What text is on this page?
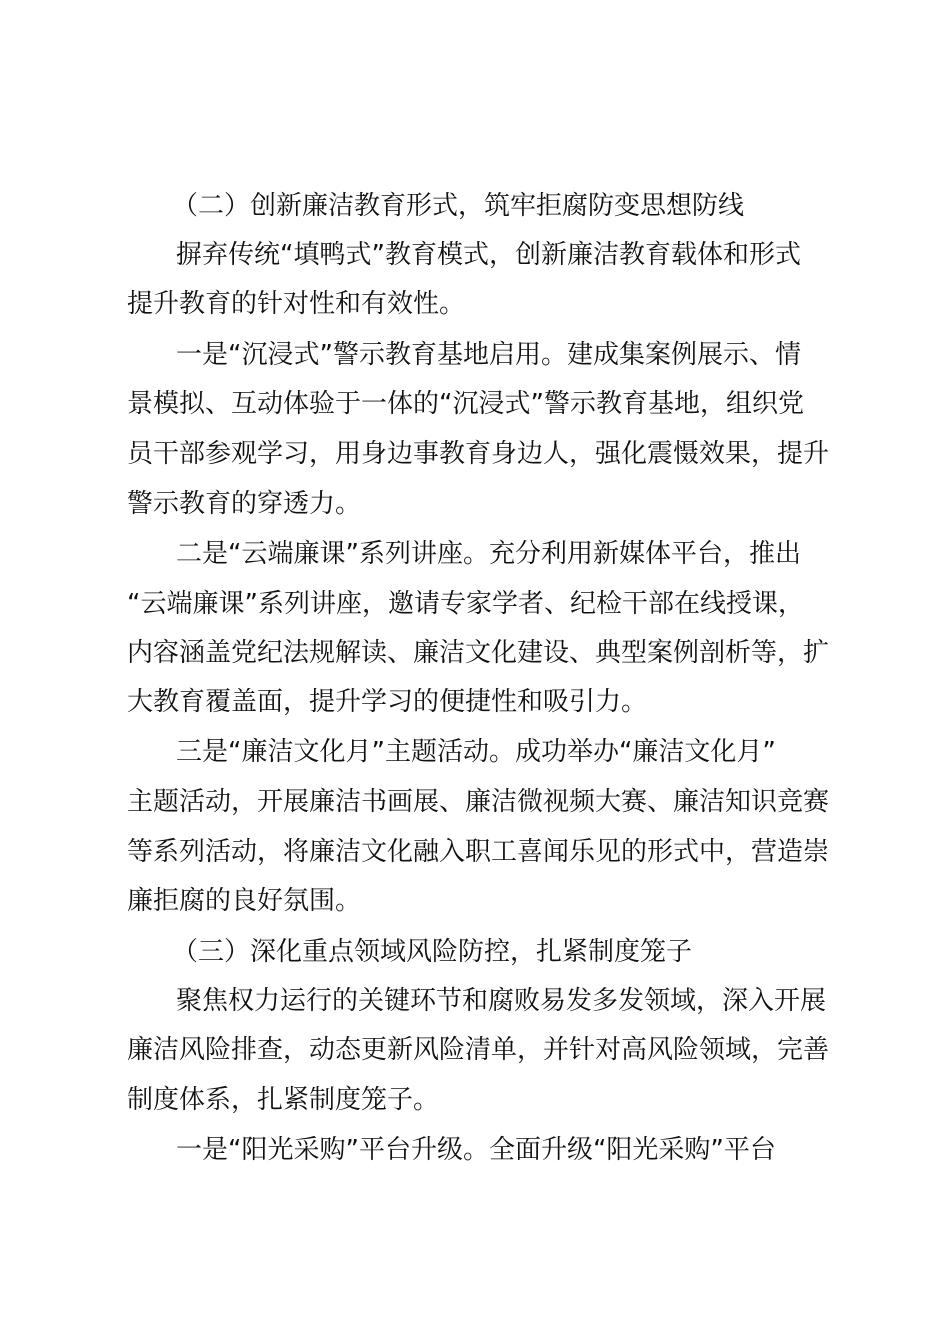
（二）创新廉洁教育形式，筑牢拒腐防变思想防线
摒弃传统“填鸭式”教育模式，创新廉洁教育载体和形式
提升教育的针对性和有效性。
一是“沉浸式”警示教育基地启用。建成集案例展示、情
景模拟、互动体验于一体的“沉浸式”警示教育基地，组织党
员干部参观学习，用身边事教育身边人，强化震慑效果，提升
警示教育的穿透力。
二是“云端廉课”系列讲座。充分利用新媒体平台，推出
“云端廉课”系列讲座，邀请专家学者、纪检干部在线授课，
内容涵盖党纪法规解读、廉洁文化建设、典型案例剖析等，扩
大教育覆盖面，提升学习的便捷性和吸引力。
三是“廉洁文化月”主题活动。成功举办“廉洁文化月”
主题活动，开展廉洁书画展、廉洁微视频大赛、廉洁知识竞赛
等系列活动，将廉洁文化融入职工喜闻乐见的形式中，营造崇
廉拒腐的良好氛围。
（三）深化重点领域风险防控，扎紧制度笼子
聚焦权力运行的关键环节和腐败易发多发领域，深入开展
廉洁风险排查，动态更新风险清单，并针对高风险领域，完善
制度体系，扎紧制度笼子。
一是“阳光采购”平台升级。全面升级“阳光采购”平台
